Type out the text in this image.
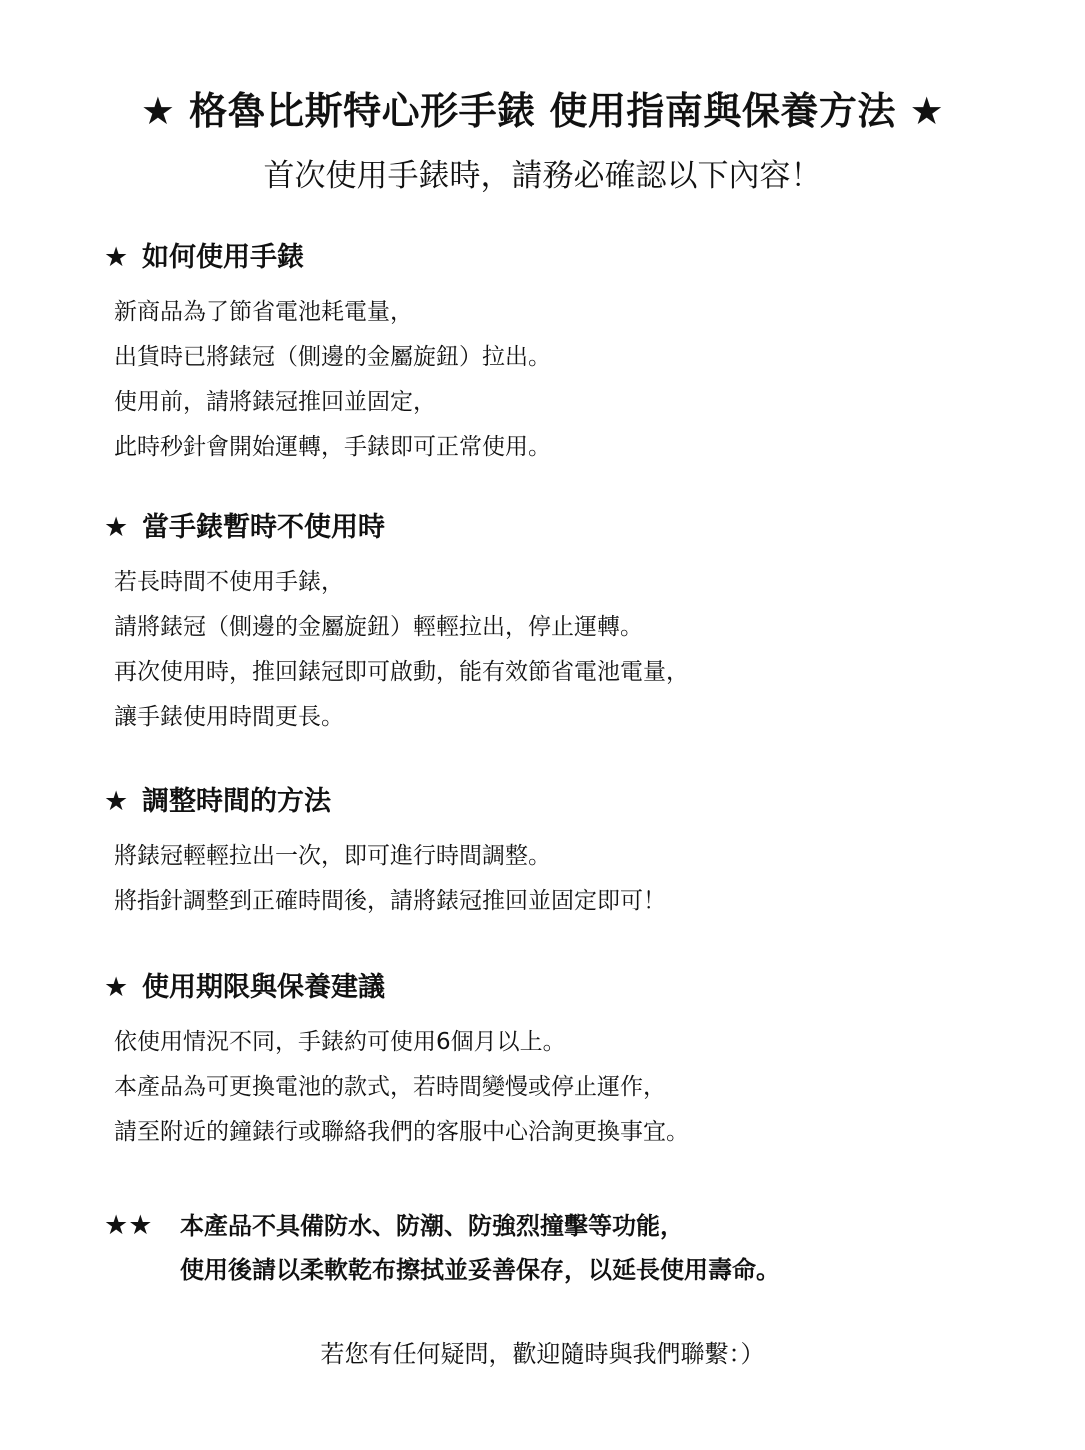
★ 格魯比斯特心形手錶 使用指南與保養方法 ★
首次使用手錶時，請務必確認以下內容！
★ 如何使用手錶
新商品為了節省電池耗電量，
出貨時已將錶冠（側邊的金屬旋鈕）拉出。
使用前，請將錶冠推回並固定，
此時秒針會開始運轉，手錶即可正常使用。
★ 當手錶暫時不使用時
若長時間不使用手錶，
請將錶冠（側邊的金屬旋鈕）輕輕拉出，停止運轉。
再次使用時，推回錶冠即可啟動，能有效節省電池電量，
讓手錶使用時間更長。
★ 調整時間的方法
將錶冠輕輕拉出一次，即可進行時間調整。
將指針調整到正確時間後，請將錶冠推回並固定即可！
★ 使用期限與保養建議
依使用情況不同，手錶約可使用6個月以上。
本產品為可更換電池的款式，若時間變慢或停止運作，
請至附近的鐘錶行或聯絡我們的客服中心洽詢更換事宜。
★★ 本產品不具備防水、防潮、防強烈撞擊等功能，
使用後請以柔軟乾布擦拭並妥善保存，以延長使用壽命。
若您有任何疑問，歡迎隨時與我們聯繫：）
